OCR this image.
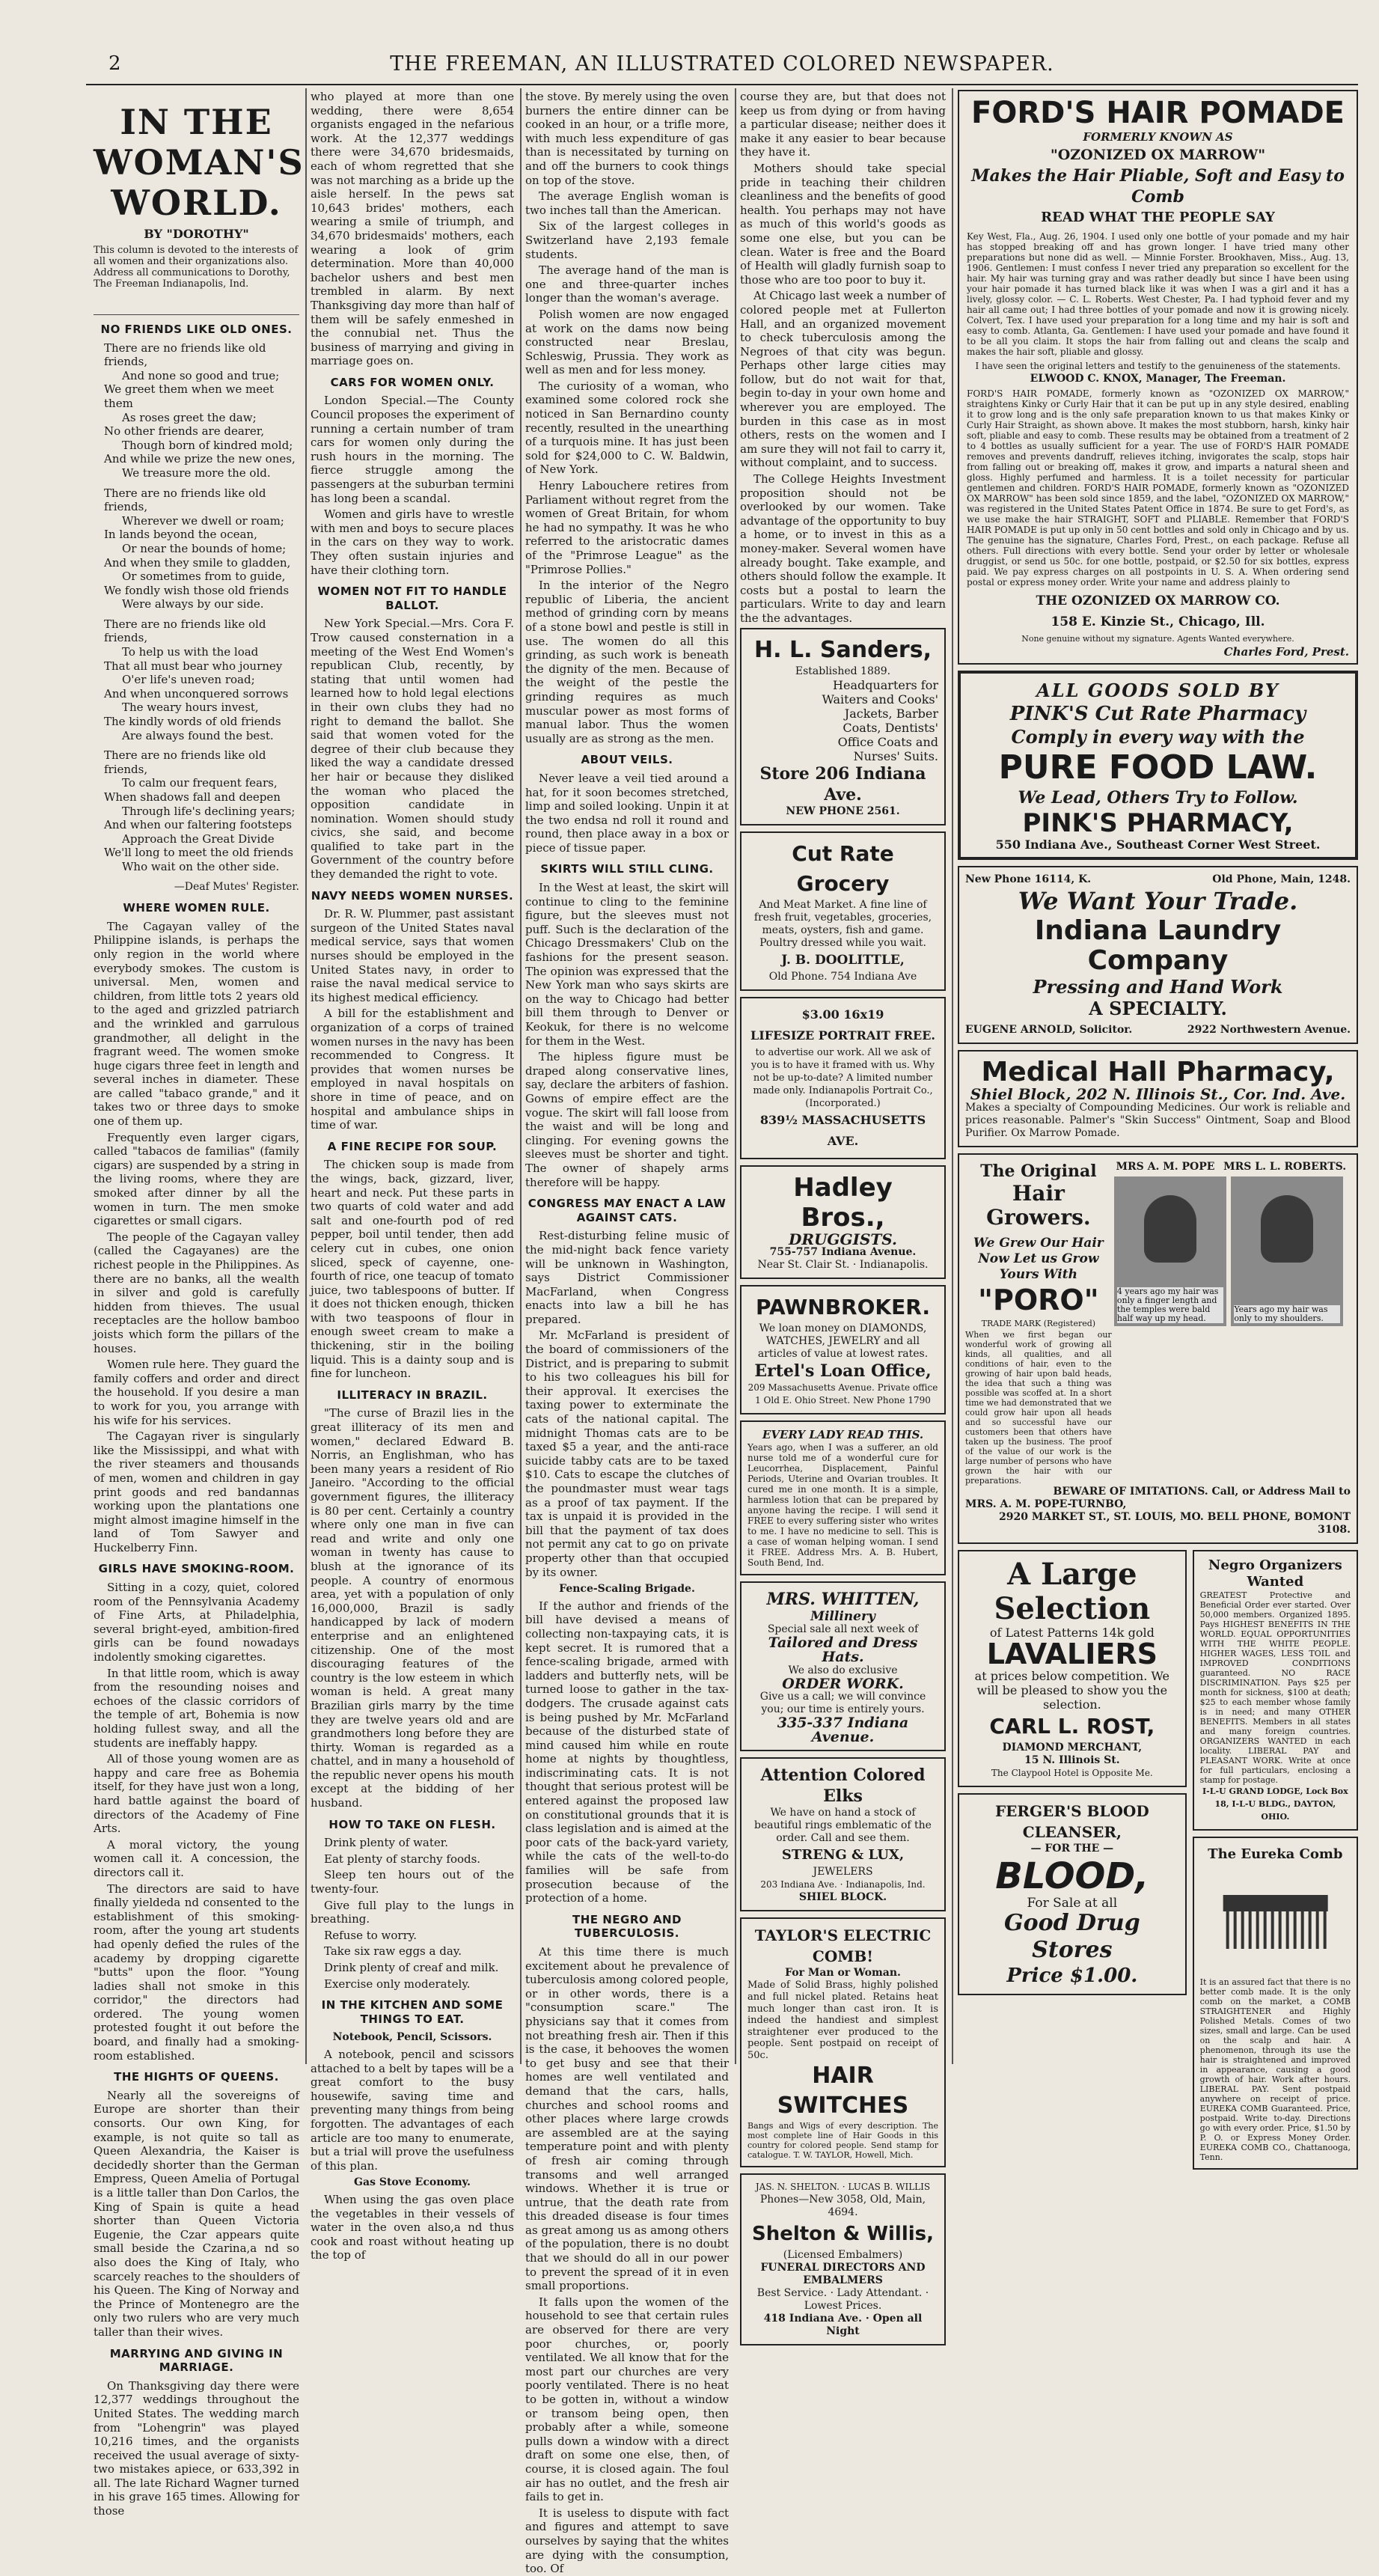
2	THE FREEMAN, AN ILLUSTRATED COLORED NEWSPAPER.
IN THE
WOMAN'S
WORLD.
BY "DOROTHY"
This column is devoted to the interests of all women and their organizations also. Address all communications to Dorothy, The Freeman Indianapolis, Ind.
NO FRIENDS LIKE OLD ONES.
There are no friends like old friends,
And none so good and true;
We greet them when we meet them
As roses greet the daw;
No other friends are dearer,
Though born of kindred mold;
And while we prize the new ones,
We treasure more the old.
There are no friends like old friends,
Wherever we dwell or roam;
In lands beyond the ocean,
Or near the bounds of home;
And when they smile to gladden,
Or sometimes from to guide,
We fondly wish those old friends
Were always by our side.
There are no friends like old friends,
To help us with the load
That all must bear who journey
O'er life's uneven road;
And when unconquered sorrows
The weary hours invest,
The kindly words of old friends
Are always found the best.
There are no friends like old friends,
To calm our frequent fears,
When shadows fall and deepen
Through life's declining years;
And when our faltering footsteps
Approach the Great Divide
We'll long to meet the old friends
Who wait on the other side.
—Deaf Mutes' Register.
WHERE WOMEN RULE.

The Cagayan valley of the Philippine islands, is perhaps the only region in the world where everybody smokes. The custom is universal. Men, women and children, from little tots 2 years old to the aged and grizzled patriarch and the wrinkled and garrulous grandmother, all delight in the fragrant weed. The women smoke huge cigars three feet in length and several inches in diameter. These are called "tabaco grande," and it takes two or three days to smoke one of them up.

Frequently even larger cigars, called "tabacos de familias" (family cigars) are suspended by a string in the living rooms, where they are smoked after dinner by all the women in turn. The men smoke cigarettes or small cigars.

The people of the Cagayan valley (called the Cagayanes) are the richest people in the Philippines. As there are no banks, all the wealth in silver and gold is carefully hidden from thieves. The usual receptacles are the hollow bamboo joists which form the pillars of the houses.

Women rule here. They guard the family coffers and order and direct the household. If you desire a man to work for you, you arrange with his wife for his services.

The Cagayan river is singularly like the Mississippi, and what with the river steamers and thousands of men, women and children in gay print goods and red bandannas working upon the plantations one might almost imagine himself in the land of Tom Sawyer and Huckelberry Finn.

GIRLS HAVE SMOKING-ROOM.

Sitting in a cozy, quiet, colored room of the Pennsylvania Academy of Fine Arts, at Philadelphia, several bright-eyed, ambition-fired girls can be found nowadays indolently smoking cigarettes.

In that little room, which is away from the resounding noises and echoes of the classic corridors of the temple of art, Bohemia is now holding fullest sway, and all the students are ineffably happy.

All of those young women are as happy and care free as Bohemia itself, for they have just won a long, hard battle against the board of directors of the Academy of Fine Arts.

A moral victory, the young women call it. A concession, the directors call it.

The directors are said to have finally yieldeda nd consented to the establishment of this smoking-room, after the young art students had openly defied the rules of the academy by dropping cigarette "butts" upon the floor. "Young ladies shall not smoke in this corridor," the directors had ordered. The young women protested fought it out before the board, and finally had a smoking-room established.

THE HIGHTS OF QUEENS.

Nearly all the sovereigns of Europe are shorter than their consorts. Our own King, for example, is not quite so tall as Queen Alexandria, the Kaiser is decidedly shorter than the German Empress, Queen Amelia of Portugal is a little taller than Don Carlos, the King of Spain is quite a head shorter than Queen Victoria Eugenie, the Czar appears quite small beside the Czarina,a nd so also does the King of Italy, who scarcely reaches to the shoulders of his Queen. The King of Norway and the Prince of Montenegro are the only two rulers who are very much taller than their wives.

MARRYING AND GIVING IN MARRIAGE.

On Thanksgiving day there were 12,377 weddings throughout the United States. The wedding march from "Lohengrin" was played 10,216 times, and the organists received the usual average of sixty-two mistakes apiece, or 633,392 in all. The late Richard Wagner turned in his grave 165 times. Allowing for those

who played at more than one wedding, there were 8,654 organists engaged in the nefarious work. At the 12,377 weddings there were 34,670 bridesmaids, each of whom regretted that she was not marching as a bride up the aisle herself. In the pews sat 10,643 brides' mothers, each wearing a smile of triumph, and 34,670 bridesmaids' mothers, each wearing a look of grim determination. More than 40,000 bachelor ushers and best men trembled in alarm. By next Thanksgiving day more than half of them will be safely enmeshed in the connubial net. Thus the business of marrying and giving in marriage goes on.

CARS FOR WOMEN ONLY.

London Special.—The County Council proposes the experiment of running a certain number of tram cars for women only during the rush hours in the morning. The fierce struggle among the passengers at the suburban termini has long been a scandal.

Women and girls have to wrestle with men and boys to secure places in the cars on they way to work. They often sustain injuries and have their clothing torn.

WOMEN NOT FIT TO HANDLE BALLOT.

New York Special.—Mrs. Cora F. Trow caused consternation in a meeting of the West End Women's republican Club, recently, by stating that until women had learned how to hold legal elections in their own clubs they had no right to demand the ballot. She said that women voted for the degree of their club because they liked the way a candidate dressed her hair or because they disliked the woman who placed the opposition candidate in nomination. Women should study civics, she said, and become qualified to take part in the Government of the country before they demanded the right to vote.

NAVY NEEDS WOMEN NURSES.

Dr. R. W. Plummer, past assistant surgeon of the United States naval medical service, says that women nurses should be employed in the United States navy, in order to raise the naval medical service to its highest medical efficiency.

A bill for the establishment and organization of a corps of trained women nurses in the navy has been recommended to Congress. It provides that women nurses be employed in naval hospitals on shore in time of peace, and on hospital and ambulance ships in time of war.

A FINE RECIPE FOR SOUP.

The chicken soup is made from the wings, back, gizzard, liver, heart and neck. Put these parts in two quarts of cold water and add salt and one-fourth pod of red pepper, boil until tender, then add celery cut in cubes, one onion sliced, speck of cayenne, one-fourth of rice, one teacup of tomato juice, two tablespoons of butter. If it does not thicken enough, thicken with two teaspoons of flour in enough sweet cream to make a thickening, stir in the boiling liquid. This is a dainty soup and is fine for luncheon.

ILLITERACY IN BRAZIL.

"The curse of Brazil lies in the great illiteracy of its men and women," declared Edward B. Norris, an Englishman, who has been many years a resident of Rio Janeiro. "According to the official government figures, the illiteracy is 80 per cent. Certainly a country where only one man in five can read and write and only one woman in twenty has cause to blush at the ignorance of its people. A country of enormous area, yet with a population of only 16,000,000, Brazil is sadly handicapped by lack of modern enterprise and an enlightened citizenship. One of the most discouraging features of the country is the low esteem in which woman is held. A great many Brazilian girls marry by the time they are twelve years old and are grandmothers long before they are thirty. Woman is regarded as a chattel, and in many a household of the republic never opens his mouth except at the bidding of her husband.

HOW TO TAKE ON FLESH.

Drink plenty of water.

Eat plenty of starchy foods.

Sleep ten hours out of the twenty-four.

Give full play to the lungs in breathing.

Refuse to worry.

Take six raw eggs a day.

Drink plenty of creaf and milk.

Exercise only moderately.

IN THE KITCHEN AND SOME THINGS TO EAT.
Notebook, Pencil, Scissors.

A notebook, pencil and scissors attached to a belt by tapes will be a great comfort to the busy housewife, saving time and preventing many things from being forgotten. The advantages of each article are too many to enumerate, but a trial will prove the usefulness of this plan.

Gas Stove Economy.

When using the gas oven place the vegetables in their vessels of water in the oven also,a nd thus cook and roast without heating up the top of

the stove. By merely using the oven burners the entire dinner can be cooked in an hour, or a trifle more, with much less expenditure of gas than is necessitated by turning on and off the burners to cook things on top of the stove.

The average English woman is two inches tall than the American.

Six of the largest colleges in Switzerland have 2,193 female students.

The average hand of the man is one and three-quarter inches longer than the woman's average.

Polish women are now engaged at work on the dams now being constructed near Breslau, Schleswig, Prussia. They work as well as men and for less money.

The curiosity of a woman, who examined some colored rock she noticed in San Bernardino county recently, resulted in the unearthing of a turquois mine. It has just been sold for $24,000 to C. W. Baldwin, of New York.

Henry Labouchere retires from Parliament without regret from the women of Great Britain, for whom he had no sympathy. It was he who referred to the aristocratic dames of the "Primrose League" as the "Primrose Pollies."

In the interior of the Negro republic of Liberia, the ancient method of grinding corn by means of a stone bowl and pestle is still in use. The women do all this grinding, as such work is beneath the dignity of the men. Because of the weight of the pestle the grinding requires as much muscular power as most forms of manual labor. Thus the women usually are as strong as the men.

ABOUT VEILS.

Never leave a veil tied around a hat, for it soon becomes stretched, limp and soiled looking. Unpin it at the two endsa nd roll it round and round, then place away in a box or piece of tissue paper.

SKIRTS WILL STILL CLING.

In the West at least, the skirt will continue to cling to the feminine figure, but the sleeves must not puff. Such is the declaration of the Chicago Dressmakers' Club on the fashions for the present season. The opinion was expressed that the New York man who says skirts are on the way to Chicago had better bill them through to Denver or Keokuk, for there is no welcome for them in the West.

The hipless figure must be draped along conservative lines, say, declare the arbiters of fashion. Gowns of empire effect are the vogue. The skirt will fall loose from the waist and will be long and clinging. For evening gowns the sleeves must be shorter and tight. The owner of shapely arms therefore will be happy.

CONGRESS MAY ENACT A LAW AGAINST CATS.

Rest-disturbing feline music of the mid-night back fence variety will be unknown in Washington, says District Commissioner MacFarland, when Congress enacts into law a bill he has prepared.

Mr. McFarland is president of the board of commissioners of the District, and is preparing to submit to his two colleagues his bill for their approval. It exercises the taxing power to exterminate the cats of the national capital. The midnight Thomas cats are to be taxed $5 a year, and the anti-race suicide tabby cats are to be taxed $10. Cats to escape the clutches of the poundmaster must wear tags as a proof of tax payment. If the tax is unpaid it is provided in the bill that the payment of tax does not permit any cat to go on private property other than that occupied by its owner.

Fence-Scaling Brigade.

If the author and friends of the bill have devised a means of collecting non-taxpaying cats, it is kept secret. It is rumored that a fence-scaling brigade, armed with ladders and butterfly nets, will be turned loose to gather in the tax-dodgers. The crusade against cats is being pushed by Mr. McFarland because of the disturbed state of mind caused him while en route home at nights by thoughtless, indiscriminating cats. It is not thought that serious protest will be entered against the proposed law on constitutional grounds that it is class legislation and is aimed at the poor cats of the back-yard variety, while the cats of the well-to-do families will be safe from prosecution because of the protection of a home.

THE NEGRO AND TUBERCULOSIS.

At this time there is much excitement about he prevalence of tuberculosis among colored people, or in other words, there is a "consumption scare." The physicians say that it comes from not breathing fresh air. Then if this is the case, it behooves the women to get busy and see that their homes are well ventilated and demand that the cars, halls, churches and school rooms and other places where large crowds are assembled are at the saying temperature point and with plenty of fresh air coming through transoms and well arranged windows. Whether it is true or untrue, that the death rate from this dreaded disease is four times as great among us as among others of the population, there is no doubt that we should do all in our power to prevent the spread of it in even small proportions.

It falls upon the women of the household to see that certain rules are observed for there are very poor churches, or, poorly ventilated. We all know that for the most part our churches are very poorly ventilated. There is no heat to be gotten in, without a window or transom being open, then probably after a while, someone pulls down a window with a direct draft on some one else, then, of course, it is closed again. The foul air has no outlet, and the fresh air fails to get in.

It is useless to dispute with fact and figures and attempt to save ourselves by saying that the whites are dying with the consumption, too. Of

course they are, but that does not keep us from dying or from having a particular disease; neither does it make it any easier to bear because they have it.

Mothers should take special pride in teaching their children cleanliness and the benefits of good health. You perhaps may not have as much of this world's goods as some one else, but you can be clean. Water is free and the Board of Health will gladly furnish soap to those who are too poor to buy it.

At Chicago last week a number of colored people met at Fullerton Hall, and an organized movement to check tuberculosis among the Negroes of that city was begun. Perhaps other large cities may follow, but do not wait for that, begin to-day in your own home and wherever you are employed. The burden in this case as in most others, rests on the women and I am sure they will not fail to carry it, without complaint, and to success.

The College Heights Investment proposition should not be overlooked by our women. Take advantage of the opportunity to buy a home, or to invest in this as a money-maker. Several women have already bought. Take example, and others should follow the example. It costs but a postal to learn the particulars. Write to day and learn the the advantages.

H. L. Sanders,
Established 1889.
Headquarters for Waiters and Cooks' Jackets, Barber Coats, Dentists' Office Coats and Nurses' Suits.
Store 206 Indiana Ave.
NEW PHONE 2561.
Cut Rate Grocery
And Meat Market. A fine line of fresh fruit, vegetables, groceries, meats, oysters, fish and game. Poultry dressed while you wait.
J. B. DOOLITTLE,
Old Phone. 754 Indiana Ave
$3.00 16x19
LIFESIZE PORTRAIT FREE.
to advertise our work. All we ask of you is to have it framed with us. Why not be up-to-date? A limited number made only. Indianapolis Portrait Co., (Incorporated.)
839½ MASSACHUSETTS AVE.
Hadley Bros.,
DRUGGISTS.
755-757 Indiana Avenue.
Near St. Clair St. · Indianapolis.
PAWNBROKER.
We loan money on DIAMONDS, WATCHES, JEWELRY and all articles of value at lowest rates.
Ertel's Loan Office,
209 Massachusetts Avenue. Private office 1 Old E. Ohio Street. New Phone 1790
EVERY LADY READ THIS.
Years ago, when I was a sufferer, an old nurse told me of a wonderful cure for Leucorrhea, Displacement, Painful Periods, Uterine and Ovarian troubles. It cured me in one month. It is a simple, harmless lotion that can be prepared by anyone having the recipe. I will send it FREE to every suffering sister who writes to me. I have no medicine to sell. This is a case of woman helping woman. I send it FREE. Address Mrs. A. B. Hubert, South Bend, Ind.
MRS. WHITTEN,
Millinery
Special sale all next week of
Tailored and Dress Hats.
We also do exclusive
ORDER WORK.
Give us a call; we will convince you; our time is entirely yours.
335-337 Indiana Avenue.
Attention Colored Elks
We have on hand a stock of beautiful rings emblematic of the order. Call and see them.
STRENG & LUX,
JEWELERS
203 Indiana Ave. · Indianapolis, Ind.
SHIEL BLOCK.
TAYLOR'S ELECTRIC COMB!
For Man or Woman.
Made of Solid Brass, highly polished and full nickel plated. Retains heat much longer than cast iron. It is indeed the handiest and simplest straightener ever produced to the people. Sent postpaid on receipt of 50c.
HAIR SWITCHES
Bangs and Wigs of every description. The most complete line of Hair Goods in this country for colored people. Send stamp for catalogue. T. W. TAYLOR, Howell, Mich.
JAS. N. SHELTON. · LUCAS B. WILLIS
Phones—New 3058, Old, Main, 4694.
Shelton & Willis,
(Licensed Embalmers)
FUNERAL DIRECTORS AND EMBALMERS
Best Service. · Lady Attendant. · Lowest Prices.
418 Indiana Ave. · Open all Night
FORD'S HAIR POMADE
FORMERLY KNOWN AS
"OZONIZED OX MARROW"
Makes the Hair Pliable, Soft and Easy to Comb
READ WHAT THE PEOPLE SAY
Key West, Fla., Aug. 26, 1904. I used only one bottle of your pomade and my hair has stopped breaking off and has grown longer. I have tried many other preparations but none did as well. — Minnie Forster. Brookhaven, Miss., Aug. 13, 1906. Gentlemen: I must confess I never tried any preparation so excellent for the hair. My hair was turning gray and was rather deadly but since I have been using your hair pomade it has turned black like it was when I was a girl and it has a lively, glossy color. — C. L. Roberts. West Chester, Pa. I had typhoid fever and my hair all came out; I had three bottles of your pomade and now it is growing nicely. Colvert, Tex. I have used your preparation for a long time and my hair is soft and easy to comb. Atlanta, Ga. Gentlemen: I have used your pomade and have found it to be all you claim. It stops the hair from falling out and cleans the scalp and makes the hair soft, pliable and glossy.
I have seen the original letters and testify to the genuineness of the statements.
ELWOOD C. KNOX, Manager, The Freeman.
FORD'S HAIR POMADE, formerly known as "OZONIZED OX MARROW," straightens Kinky or Curly Hair that it can be put up in any style desired, enabling it to grow long and is the only safe preparation known to us that makes Kinky or Curly Hair Straight, as shown above. It makes the most stubborn, harsh, kinky hair soft, pliable and easy to comb. These results may be obtained from a treatment of 2 to 4 bottles as usually sufficient for a year. The use of FORD'S HAIR POMADE removes and prevents dandruff, relieves itching, invigorates the scalp, stops hair from falling out or breaking off, makes it grow, and imparts a natural sheen and gloss. Highly perfumed and harmless. It is a toilet necessity for particular gentlemen and children. FORD'S HAIR POMADE, formerly known as "OZONIZED OX MARROW" has been sold since 1859, and the label, "OZONIZED OX MARROW," was registered in the United States Patent Office in 1874. Be sure to get Ford's, as we use make the hair STRAIGHT, SOFT and PLIABLE. Remember that FORD'S HAIR POMADE is put up only in 50 cent bottles and sold only in Chicago and by us. The genuine has the signature, Charles Ford, Prest., on each package. Refuse all others. Full directions with every bottle. Send your order by letter or wholesale druggist, or send us 50c. for one bottle, postpaid, or $2.50 for six bottles, express paid. We pay express charges on all postpoints in U. S. A. When ordering send postal or express money order. Write your name and address plainly to
THE OZONIZED OX MARROW CO.
158 E. Kinzie St., Chicago, Ill.
None genuine without my signature. Agents Wanted everywhere.
Charles Ford, Prest.
ALL GOODS SOLD BY
PINK'S Cut Rate Pharmacy
Comply in every way with the
PURE FOOD LAW.
We Lead, Others Try to Follow.
PINK'S PHARMACY,
550 Indiana Ave., Southeast Corner West Street.
New Phone 16114, K.	Old Phone, Main, 1248.
We Want Your Trade.
Indiana Laundry Company
Pressing and Hand Work
A SPECIALTY.
EUGENE ARNOLD, Solicitor.	2922 Northwestern Avenue.
Medical Hall Pharmacy,
Shiel Block, 202 N. Illinois St., Cor. Ind. Ave.
Makes a specialty of Compounding Medicines. Our work is reliable and prices reasonable. Palmer's "Skin Success" Ointment, Soap and Blood Purifier. Ox Marrow Pomade.
The Original
Hair Growers.
We Grew Our Hair
Now Let us Grow
Yours With
"PORO"
TRADE MARK (Registered)
When we first began our wonderful work of growing all kinds, all qualities, and all conditions of hair, even to the growing of hair upon bald heads, the idea that such a thing was possible was scoffed at. In a short time we had demonstrated that we could grow hair upon all heads and so successful have our customers been that others have taken up the business. The proof of the value of our work is the large number of persons who have grown the hair with our preparations.
MRS A. M. POPE MRS L. L. ROBERTS.
4 years ago my hair was only a finger length and the temples were bald half way up my head.
Years ago my hair was only to my shoulders.
BEWARE OF IMITATIONS. Call, or Address Mail to
MRS. A. M. POPE-TURNBO,
2920 MARKET ST., ST. LOUIS, MO. BELL PHONE, BOMONT 3108.
A Large Selection
of Latest Patterns 14k gold
LAVALIERS
at prices below competition. We will be pleased to show you the selection.
CARL L. ROST,
DIAMOND MERCHANT,
15 N. Illinois St.
The Claypool Hotel is Opposite Me.
FERGER'S BLOOD CLEANSER,
— FOR THE —
BLOOD,
For Sale at all
Good Drug Stores
Price $1.00.
Negro Organizers Wanted
GREATEST Protective and Beneficial Order ever started. Over 50,000 members. Organized 1895. Pays HIGHEST BENEFITS IN THE WORLD. EQUAL OPPORTUNITIES WITH THE WHITE PEOPLE. HIGHER WAGES, LESS TOIL and IMPROVED CONDITIONS guaranteed. NO RACE DISCRIMINATION. Pays $25 per month for sickness, $100 at death; $25 to each member whose family is in need; and many OTHER BENEFITS. Members in all states and many foreign countries. ORGANIZERS WANTED in each locality. LIBERAL PAY and PLEASANT WORK. Write at once for full particulars, enclosing a stamp for postage.
I-L-U GRAND LODGE, Lock Box 18, I-L-U BLDG., DAYTON, OHIO.
The Eureka Comb
It is an assured fact that there is no better comb made. It is the only comb on the market, a COMB STRAIGHTENER and Highly Polished Metals. Comes of two sizes, small and large. Can be used on the scalp and hair. A phenomenon, through its use the hair is straightened and improved in appearance, causing a good growth of hair. Work after hours. LIBERAL PAY. Sent postpaid anywhere on receipt of price. EUREKA COMB Guaranteed. Price, postpaid. Write to-day. Directions go with every order. Price, $1.50 by P. O. or Express Money Order. EUREKA COMB CO., Chattanooga, Tenn.
